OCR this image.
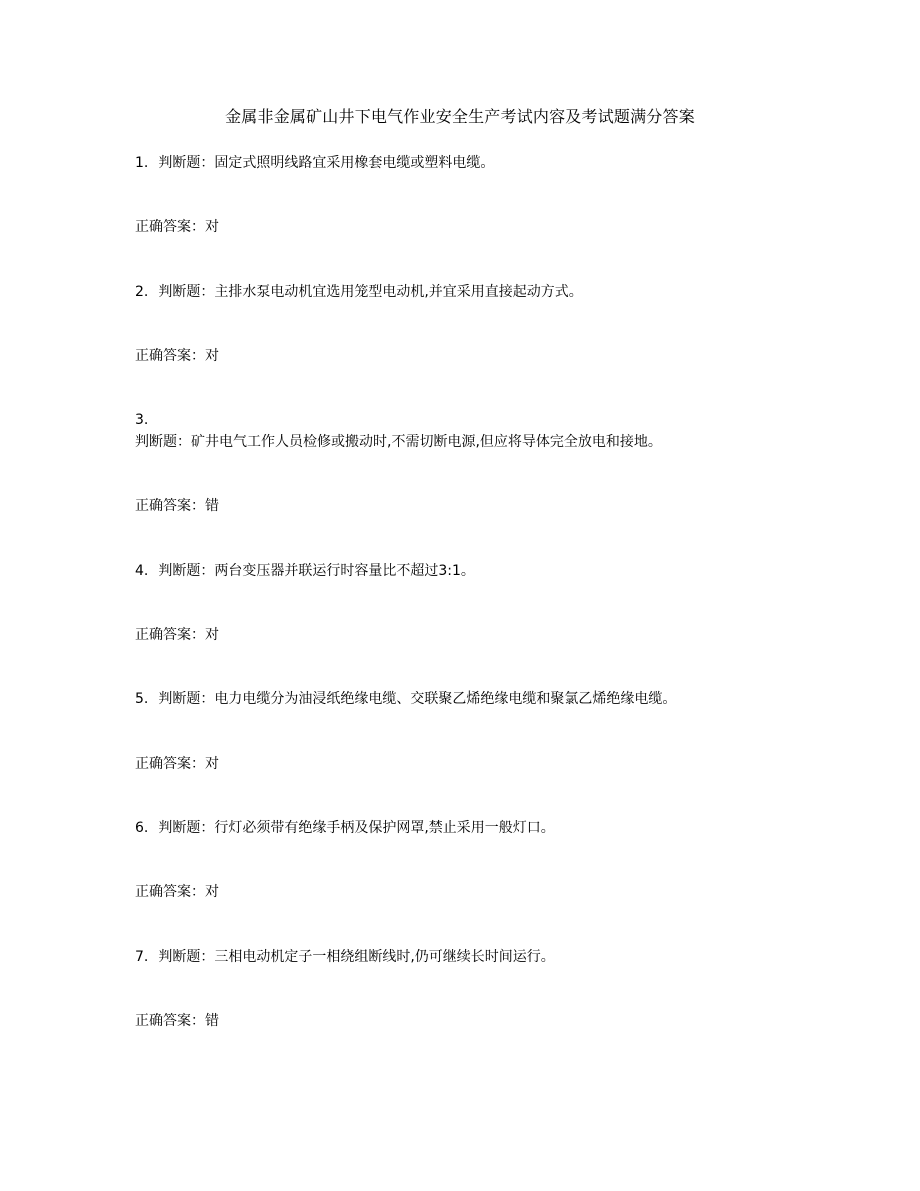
金属非金属矿山井下电气作业安全生产考试内容及考试题满分答案
1. 判断题：固定式照明线路宜采用橡套电缆或塑料电缆。
正确答案：对
2. 判断题：主排水泵电动机宜选用笼型电动机,并宜采用直接起动方式。
正确答案：对
3.
判断题：矿井电气工作人员检修或搬动时,不需切断电源,但应将导体完全放电和接地。
正确答案：错
4. 判断题：两台变压器并联运行时容量比不超过3:1。
正确答案：对
5. 判断题：电力电缆分为油浸纸绝缘电缆、交联聚乙烯绝缘电缆和聚氯乙烯绝缘电缆。
正确答案：对
6. 判断题：行灯必须带有绝缘手柄及保护网罩,禁止采用一般灯口。
正确答案：对
7. 判断题：三相电动机定子一相绕组断线时,仍可继续长时间运行。
正确答案：错
